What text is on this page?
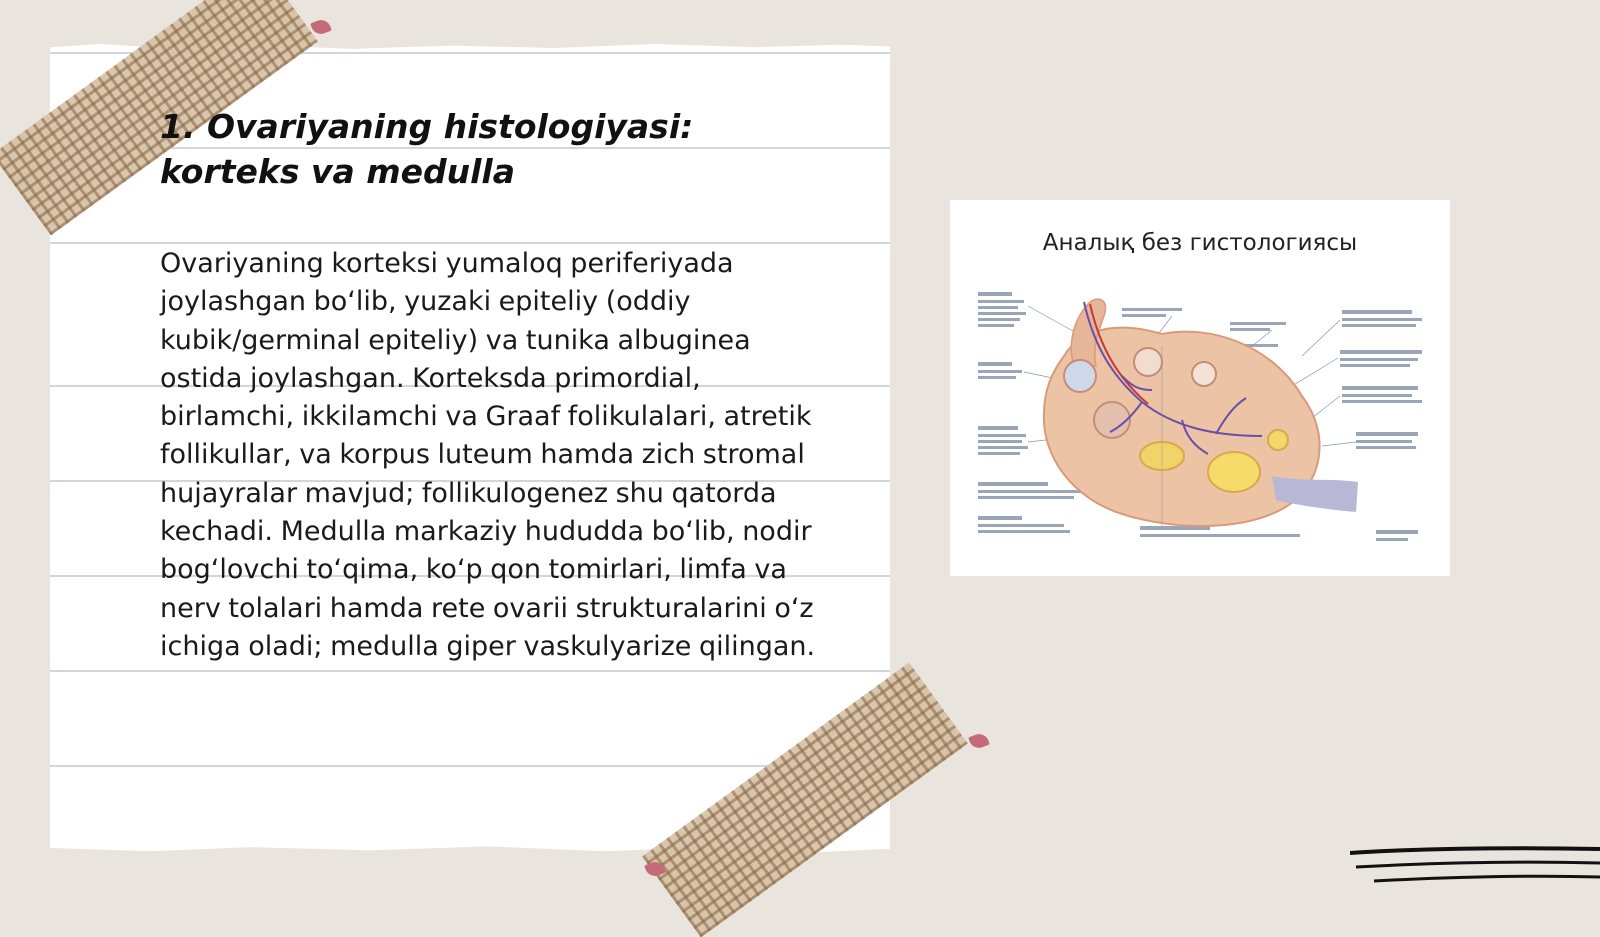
1. Ovariyaning histologiyasi: korteks va medulla

Ovariyaning korteksi yumaloq periferiyada joylashgan bo‘lib, yuzaki epiteliy (oddiy kubik/germinal epiteliy) va tunika albuginea ostida joylashgan. Korteksda primordial, birlamchi, ikkilamchi va Graaf folikulalari, atretik follikullar, va korpus luteum hamda zich stromal hujayralar mavjud; follikulogenez shu qatorda kechadi. Medulla markaziy hududda bo‘lib, nodir bog‘lovchi to‘qima, ko‘p qon tomirlari, limfa va nerv tolalari hamda rete ovarii strukturalarini o‘z ichiga oladi; medulla giper vaskulyarize qilingan.

Аналық без гистологиясы
